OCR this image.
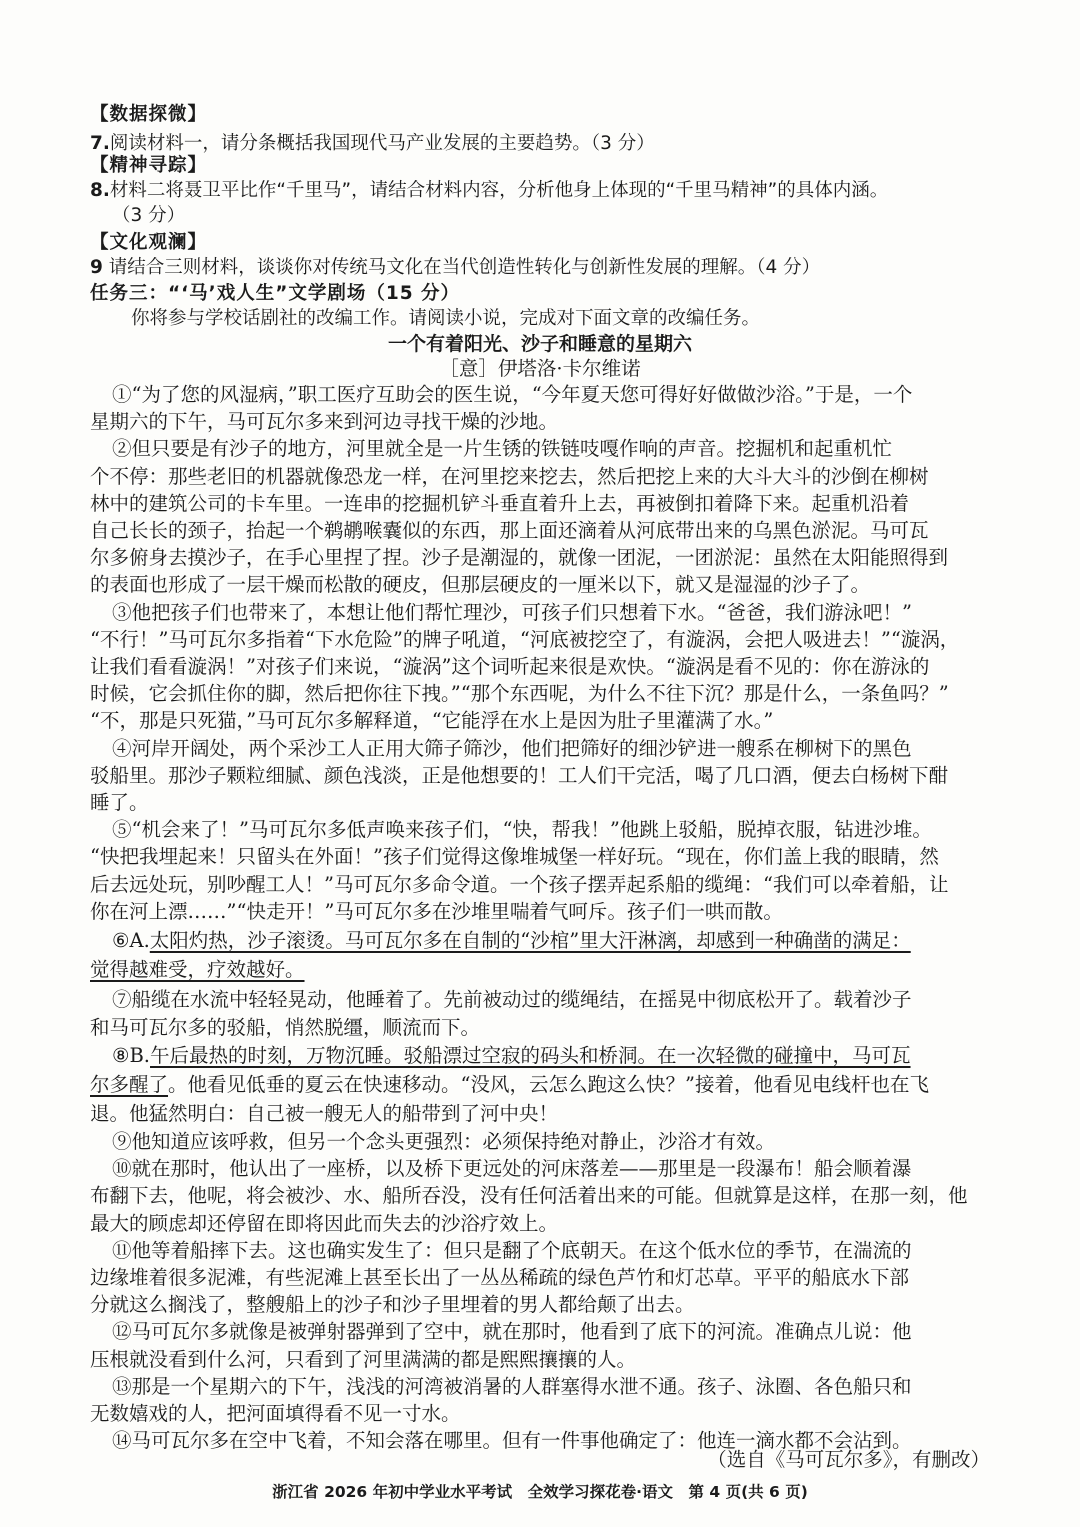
【数据探微】
7.阅读材料一，请分条概括我国现代马产业发展的主要趋势。（3 分）
【精神寻踪】
8.材料二将聂卫平比作“千里马”，请结合材料内容，分析他身上体现的“千里马精神”的具体内涵。
（3 分）
【文化观澜】
9 请结合三则材料，谈谈你对传统马文化在当代创造性转化与创新性发展的理解。（4 分）
任务三：“‘马’戏人生”文学剧场（15 分）
你将参与学校话剧社的改编工作。请阅读小说，完成对下面文章的改编任务。
一个有着阳光、沙子和睡意的星期六
［意］伊塔洛·卡尔维诺
①“为了您的风湿病，”职工医疗互助会的医生说，“今年夏天您可得好好做做沙浴。”于是，一个
星期六的下午，马可瓦尔多来到河边寻找干燥的沙地。
②但只要是有沙子的地方，河里就全是一片生锈的铁链吱嘎作响的声音。挖掘机和起重机忙
个不停：那些老旧的机器就像恐龙一样，在河里挖来挖去，然后把挖上来的大斗大斗的沙倒在柳树
林中的建筑公司的卡车里。一连串的挖掘机铲斗垂直着升上去，再被倒扣着降下来。起重机沿着
自己长长的颈子，抬起一个鹈鹕喉囊似的东西，那上面还滴着从河底带出来的乌黑色淤泥。马可瓦
尔多俯身去摸沙子，在手心里捏了捏。沙子是潮湿的，就像一团泥，一团淤泥：虽然在太阳能照得到
的表面也形成了一层干燥而松散的硬皮，但那层硬皮的一厘米以下，就又是湿湿的沙子了。
③他把孩子们也带来了，本想让他们帮忙理沙，可孩子们只想着下水。“爸爸，我们游泳吧！”
“不行！”马可瓦尔多指着“下水危险”的牌子吼道，“河底被挖空了，有漩涡，会把人吸进去！”“漩涡，
让我们看看漩涡！”对孩子们来说，“漩涡”这个词听起来很是欢快。“漩涡是看不见的：你在游泳的
时候，它会抓住你的脚，然后把你往下拽。”“那个东西呢，为什么不往下沉？那是什么，一条鱼吗？”
“不，那是只死猫，”马可瓦尔多解释道，“它能浮在水上是因为肚子里灌满了水。”
④河岸开阔处，两个采沙工人正用大筛子筛沙，他们把筛好的细沙铲进一艘系在柳树下的黑色
驳船里。那沙子颗粒细腻、颜色浅淡，正是他想要的！工人们干完活，喝了几口酒，便去白杨树下酣
睡了。
⑤“机会来了！”马可瓦尔多低声唤来孩子们，“快，帮我！”他跳上驳船，脱掉衣服，钻进沙堆。
“快把我埋起来！只留头在外面！”孩子们觉得这像堆城堡一样好玩。“现在，你们盖上我的眼睛，然
后去远处玩，别吵醒工人！”马可瓦尔多命令道。一个孩子摆弄起系船的缆绳：“我们可以牵着船，让
你在河上漂……”“快走开！”马可瓦尔多在沙堆里喘着气呵斥。孩子们一哄而散。
⑥A.太阳灼热，沙子滚烫。马可瓦尔多在自制的“沙棺”里大汗淋漓，却感到一种确凿的满足：
觉得越难受，疗效越好。
⑦船缆在水流中轻轻晃动，他睡着了。先前被动过的缆绳结，在摇晃中彻底松开了。载着沙子
和马可瓦尔多的驳船，悄然脱缰，顺流而下。
⑧B.午后最热的时刻，万物沉睡。驳船漂过空寂的码头和桥洞。在一次轻微的碰撞中，马可瓦
尔多醒了。他看见低垂的夏云在快速移动。“没风，云怎么跑这么快？”接着，他看见电线杆也在飞
退。他猛然明白：自己被一艘无人的船带到了河中央！
⑨他知道应该呼救，但另一个念头更强烈：必须保持绝对静止，沙浴才有效。
⑩就在那时，他认出了一座桥，以及桥下更远处的河床落差——那里是一段瀑布！船会顺着瀑
布翻下去，他呢，将会被沙、水、船所吞没，没有任何活着出来的可能。但就算是这样，在那一刻，他
最大的顾虑却还停留在即将因此而失去的沙浴疗效上。
⑪他等着船摔下去。这也确实发生了：但只是翻了个底朝天。在这个低水位的季节，在湍流的
边缘堆着很多泥滩，有些泥滩上甚至长出了一丛丛稀疏的绿色芦竹和灯芯草。平平的船底水下部
分就这么搁浅了，整艘船上的沙子和沙子里埋着的男人都给颠了出去。
⑫马可瓦尔多就像是被弹射器弹到了空中，就在那时，他看到了底下的河流。准确点儿说：他
压根就没看到什么河，只看到了河里满满的都是熙熙攘攘的人。
⑬那是一个星期六的下午，浅浅的河湾被消暑的人群塞得水泄不通。孩子、泳圈、各色船只和
无数嬉戏的人，把河面填得看不见一寸水。
⑭马可瓦尔多在空中飞着，不知会落在哪里。但有一件事他确定了：他连一滴水都不会沾到。
（选自《马可瓦尔多》，有删改）
浙江省 2026 年初中学业水平考试　全效学习探花卷·语文　第 4 页(共 6 页)
